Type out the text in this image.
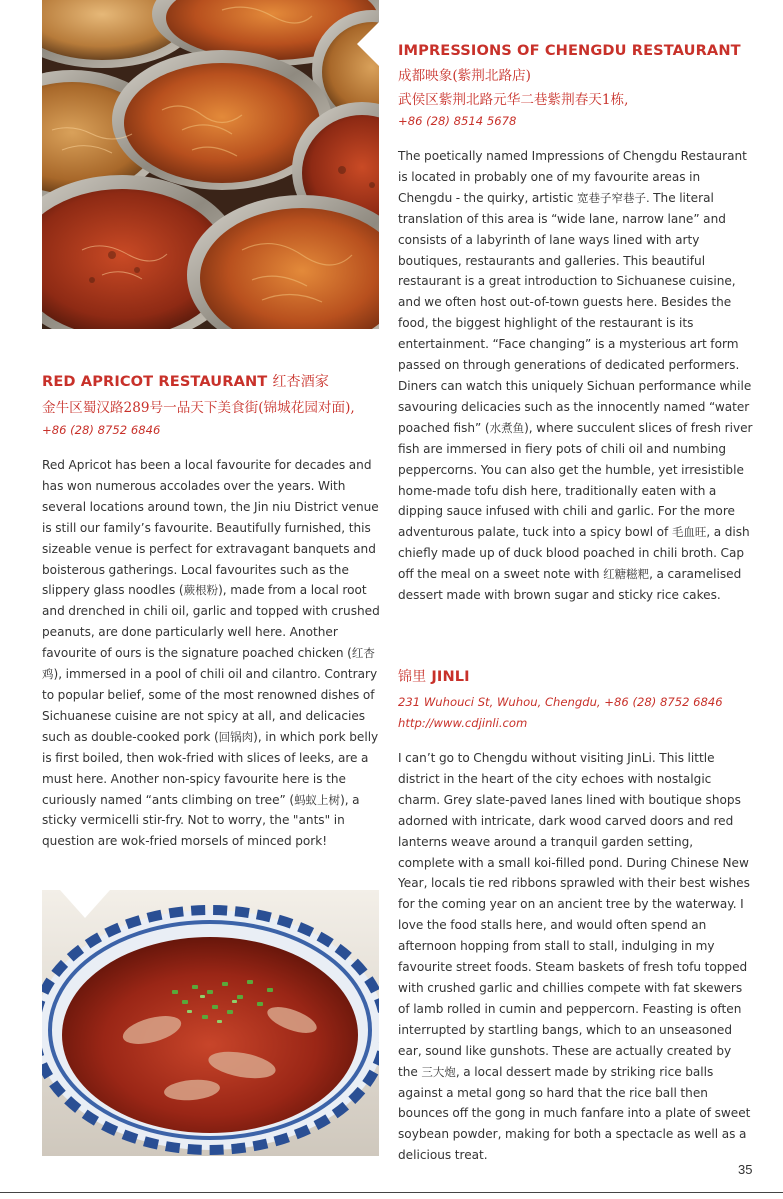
RED APRICOT RESTAURANT 红杏酒家

金牛区蜀汉路289号一品天下美食街(锦城花园对面), +86 (28) 8752 6846

Red Apricot has been a local favourite for decades and has won numerous accolades over the years. With several locations around town, the Jin niu District venue is still our family’s favourite. Beautifully furnished, this sizeable venue is perfect for extravagant banquets and boisterous gatherings. Local favourites such as the slippery glass noodles (蕨根粉), made from a local root and drenched in chili oil, garlic and topped with crushed peanuts, are done particularly well here. Another favourite of ours is the signature poached chicken (红杏鸡), immersed in a pool of chili oil and cilantro. Contrary to popular belief, some of the most renowned dishes of Sichuanese cuisine are not spicy at all, and delicacies such as double-cooked pork (回锅肉), in which pork belly is first boiled, then wok-fried with slices of leeks, are a must here. Another non-spicy favourite here is the curiously named “ants climbing on tree” (蚂蚁上树), a sticky vermicelli stir-fry. Not to worry, the "ants" in question are wok-fried morsels of minced pork!

IMPRESSIONS OF CHENGDU RESTAURANT

成都映象(紫荆北路店)

武侯区紫荆北路元华二巷紫荆春天1栋,

+86 (28) 8514 5678

The poetically named Impressions of Chengdu Restaurant is located in probably one of my favourite areas in Chengdu - the quirky, artistic 宽巷子窄巷子. The literal translation of this area is “wide lane, narrow lane” and consists of a labyrinth of lane ways lined with arty boutiques, restaurants and galleries. This beautiful restaurant is a great introduction to Sichuanese cuisine, and we often host out-of-town guests here. Besides the food, the biggest highlight of the restaurant is its entertainment. “Face changing” is a mysterious art form passed on through generations of dedicated performers. Diners can watch this uniquely Sichuan performance while savouring delicacies such as the innocently named “water poached fish” (水煮鱼), where succulent slices of fresh river fish are immersed in fiery pots of chili oil and numbing peppercorns. You can also get the humble, yet irresistible home-made tofu dish here, traditionally eaten with a dipping sauce infused with chili and garlic. For the more adventurous palate, tuck into a spicy bowl of 毛血旺, a dish chiefly made up of duck blood poached in chili broth. Cap off the meal on a sweet note with 红糖糍粑, a caramelised dessert made with brown sugar and sticky rice cakes.

锦里 JINLI

231 Wuhouci St, Wuhou, Chengdu, +86 (28) 8752 6846

http://www.cdjinli.com

I can’t go to Chengdu without visiting JinLi. This little district in the heart of the city echoes with nostalgic charm. Grey slate-paved lanes lined with boutique shops adorned with intricate, dark wood carved doors and red lanterns weave around a tranquil garden setting, complete with a small koi-filled pond. During Chinese New Year, locals tie red ribbons sprawled with their best wishes for the coming year on an ancient tree by the waterway. I love the food stalls here, and would often spend an afternoon hopping from stall to stall, indulging in my favourite street foods. Steam baskets of fresh tofu topped with crushed garlic and chillies compete with fat skewers of lamb rolled in cumin and peppercorn. Feasting is often interrupted by startling bangs, which to an unseasoned ear, sound like gunshots. These are actually created by the 三大炮, a local dessert made by striking rice balls against a metal gong so hard that the rice ball then bounces off the gong in much fanfare into a plate of sweet soybean powder, making for both a spectacle as well as a delicious treat.

35
